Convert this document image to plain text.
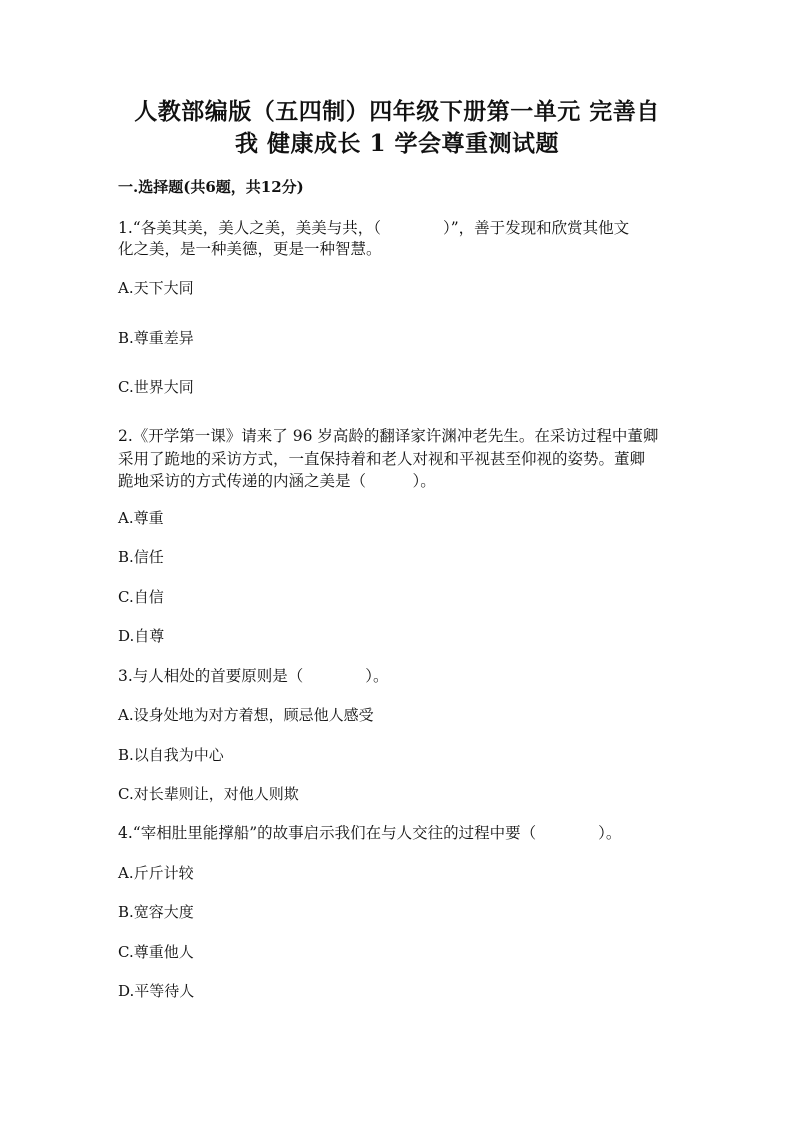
人教部编版（五四制）四年级下册第一单元 完善自
我 健康成长 1 学会尊重测试题
一.选择题(共6题，共12分)
1.“各美其美，美人之美，美美与共，（　　　　）”，善于发现和欣赏其他文
化之美，是一种美德，更是一种智慧。
A.天下大同
B.尊重差异
C.世界大同
2.《开学第一课》请来了 96 岁高龄的翻译家许渊冲老先生。在采访过程中董卿
采用了跪地的采访方式，一直保持着和老人对视和平视甚至仰视的姿势。董卿
跪地采访的方式传递的内涵之美是（　　　）。
A.尊重
B.信任
C.自信
D.自尊
3.与人相处的首要原则是（　　　　）。
A.设身处地为对方着想，顾忌他人感受
B.以自我为中心
C.对长辈则让，对他人则欺
4.“宰相肚里能撑船”的故事启示我们在与人交往的过程中要（　　　　）。
A.斤斤计较
B.宽容大度
C.尊重他人
D.平等待人
